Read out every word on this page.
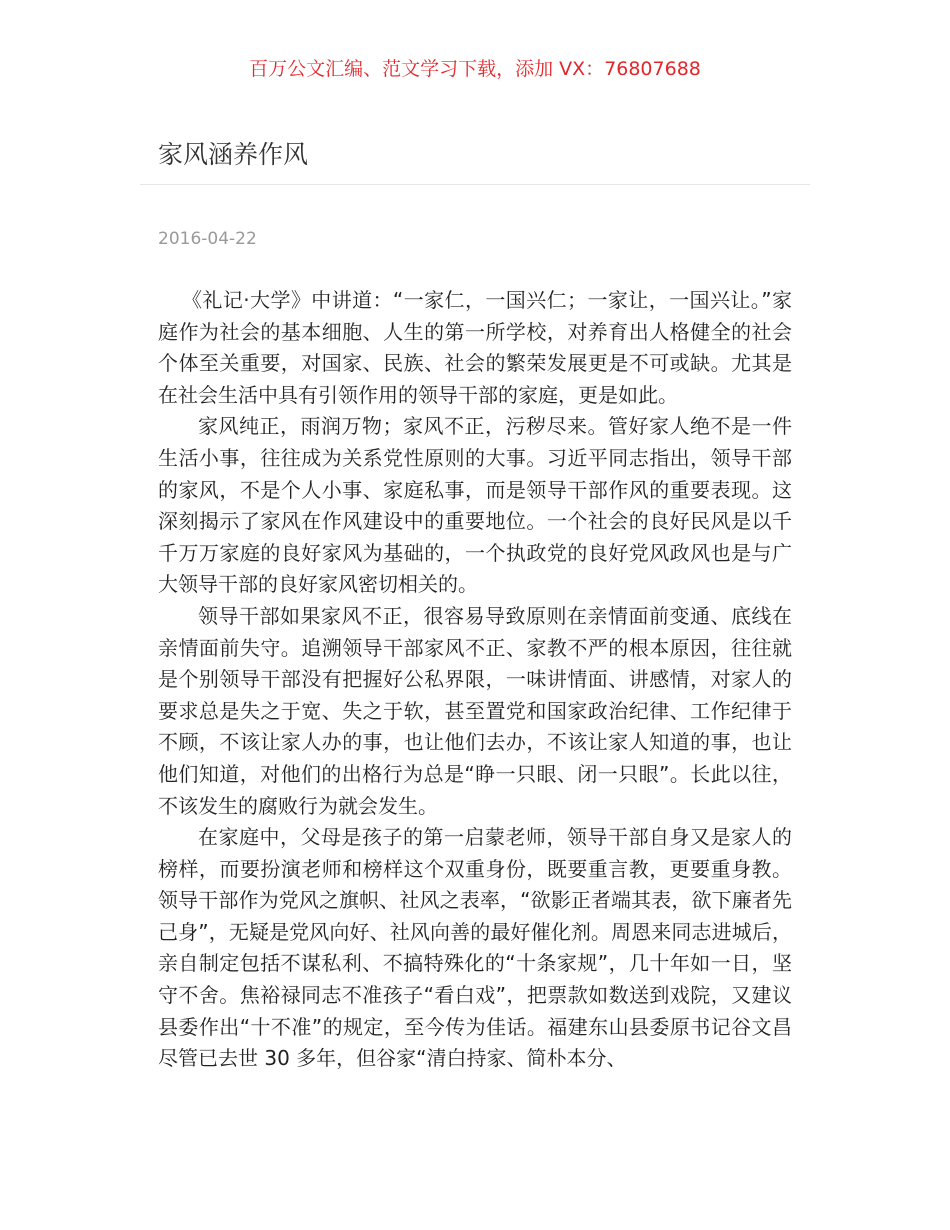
百万公文汇编、范文学习下载，添加 VX：76807688
家风涵养作风
2016-04-22

《礼记·大学》中讲道：“一家仁，一国兴仁；一家让，一国兴让。”家庭作为社会的基本细胞、人生的第一所学校，对养育出人格健全的社会个体至关重要，对国家、民族、社会的繁荣发展更是不可或缺。尤其是在社会生活中具有引领作用的领导干部的家庭，更是如此。

家风纯正，雨润万物；家风不正，污秽尽来。管好家人绝不是一件生活小事，往往成为关系党性原则的大事。习近平同志指出，领导干部的家风，不是个人小事、家庭私事，而是领导干部作风的重要表现。这深刻揭示了家风在作风建设中的重要地位。一个社会的良好民风是以千千万万家庭的良好家风为基础的，一个执政党的良好党风政风也是与广大领导干部的良好家风密切相关的。

领导干部如果家风不正，很容易导致原则在亲情面前变通、底线在亲情面前失守。追溯领导干部家风不正、家教不严的根本原因，往往就是个别领导干部没有把握好公私界限，一味讲情面、讲感情，对家人的要求总是失之于宽、失之于软，甚至置党和国家政治纪律、工作纪律于不顾，不该让家人办的事，也让他们去办，不该让家人知道的事，也让他们知道，对他们的出格行为总是“睁一只眼、闭一只眼”。长此以往，不该发生的腐败行为就会发生。

在家庭中，父母是孩子的第一启蒙老师，领导干部自身又是家人的榜样，而要扮演老师和榜样这个双重身份，既要重言教，更要重身教。领导干部作为党风之旗帜、社风之表率，“欲影正者端其表，欲下廉者先己身”，无疑是党风向好、社风向善的最好催化剂。周恩来同志进城后，亲自制定包括不谋私利、不搞特殊化的“十条家规”，几十年如一日，坚守不舍。焦裕禄同志不准孩子“看白戏”，把票款如数送到戏院，又建议县委作出“十不准”的规定，至今传为佳话。福建东山县委原书记谷文昌尽管已去世 30 多年，但谷家“清白持家、简朴本分、
